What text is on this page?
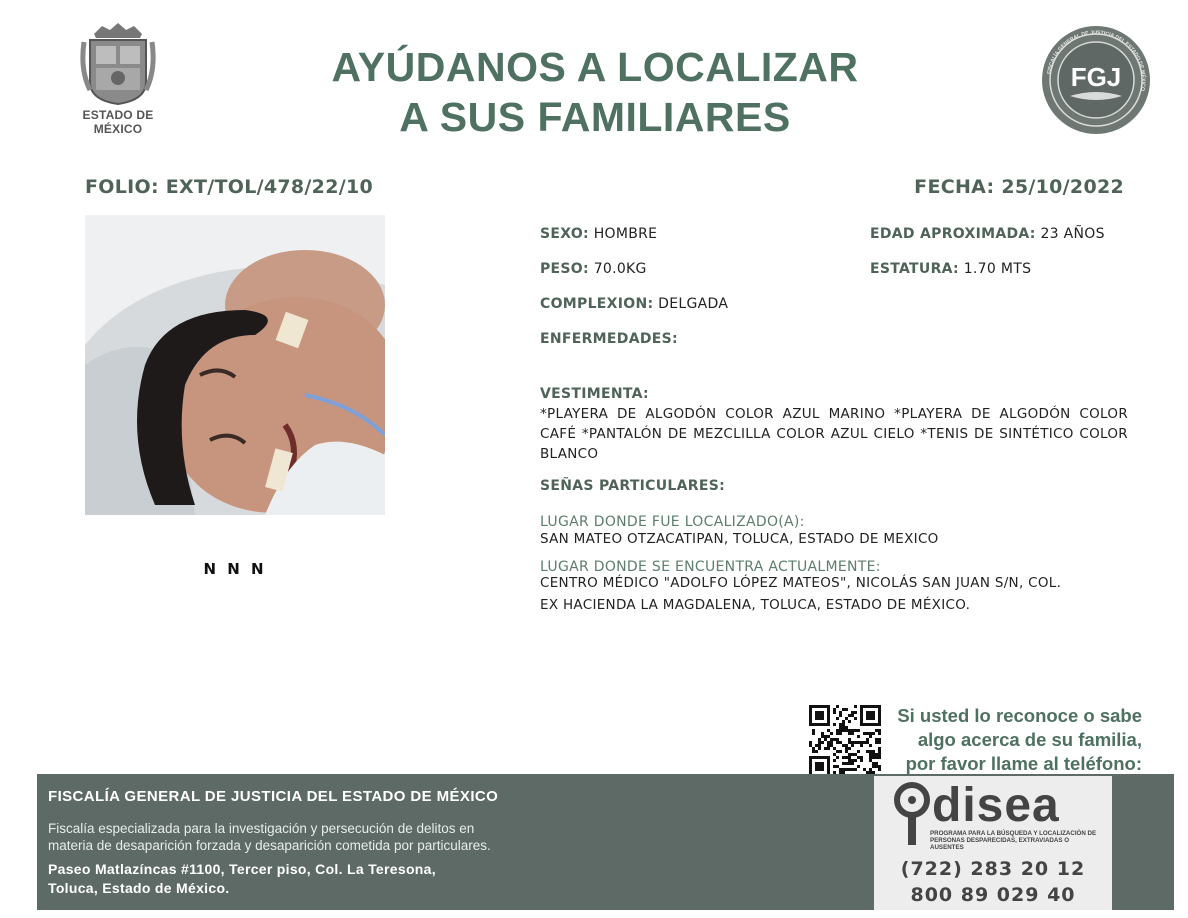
ESTADO DE MÉXICO
AYÚDANOS A LOCALIZAR
A SUS FAMILIARES
FISCALÍA GENERAL DE JUSTICIA DEL ESTADO DE MÉXICO
FGJ
FOLIO: EXT/TOL/478/22/10	FECHA: 25/10/2022
N N N
SEXO: HOMBRE	EDAD APROXIMADA: 23 AÑOS
PESO: 70.0KG	ESTATURA: 1.70 MTS
COMPLEXION: DELGADA
ENFERMEDADES:
VESTIMENTA:
*PLAYERA DE ALGODÓN COLOR AZUL MARINO *PLAYERA DE ALGODÓN COLOR CAFÉ *PANTALÓN DE MEZCLILLA COLOR AZUL CIELO *TENIS DE SINTÉTICO COLOR BLANCO
SEÑAS PARTICULARES:
LUGAR DONDE FUE LOCALIZADO(A):
SAN MATEO OTZACATIPAN, TOLUCA, ESTADO DE MEXICO
LUGAR DONDE SE ENCUENTRA ACTUALMENTE:
CENTRO MÉDICO "ADOLFO LÓPEZ MATEOS", NICOLÁS SAN JUAN S/N, COL.
EX HACIENDA LA MAGDALENA, TOLUCA, ESTADO DE MÉXICO.
Si usted lo reconoce o sabe
algo acerca de su familia,
por favor llame al teléfono:
FISCALÍA GENERAL DE JUSTICIA DEL ESTADO DE MÉXICO
Fiscalía especializada para la investigación y persecución de delitos en
materia de desaparición forzada y desaparición cometida por particulares.
Paseo Matlazíncas #1100, Tercer piso, Col. La Teresona,
Toluca, Estado de México.
disea
PROGRAMA PARA LA BÚSQUEDA Y LOCALIZACIÓN DE PERSONAS DESPARECIDAS, EXTRAVIADAS O AUSENTES
(722) 283 20 12
800 89 029 40
